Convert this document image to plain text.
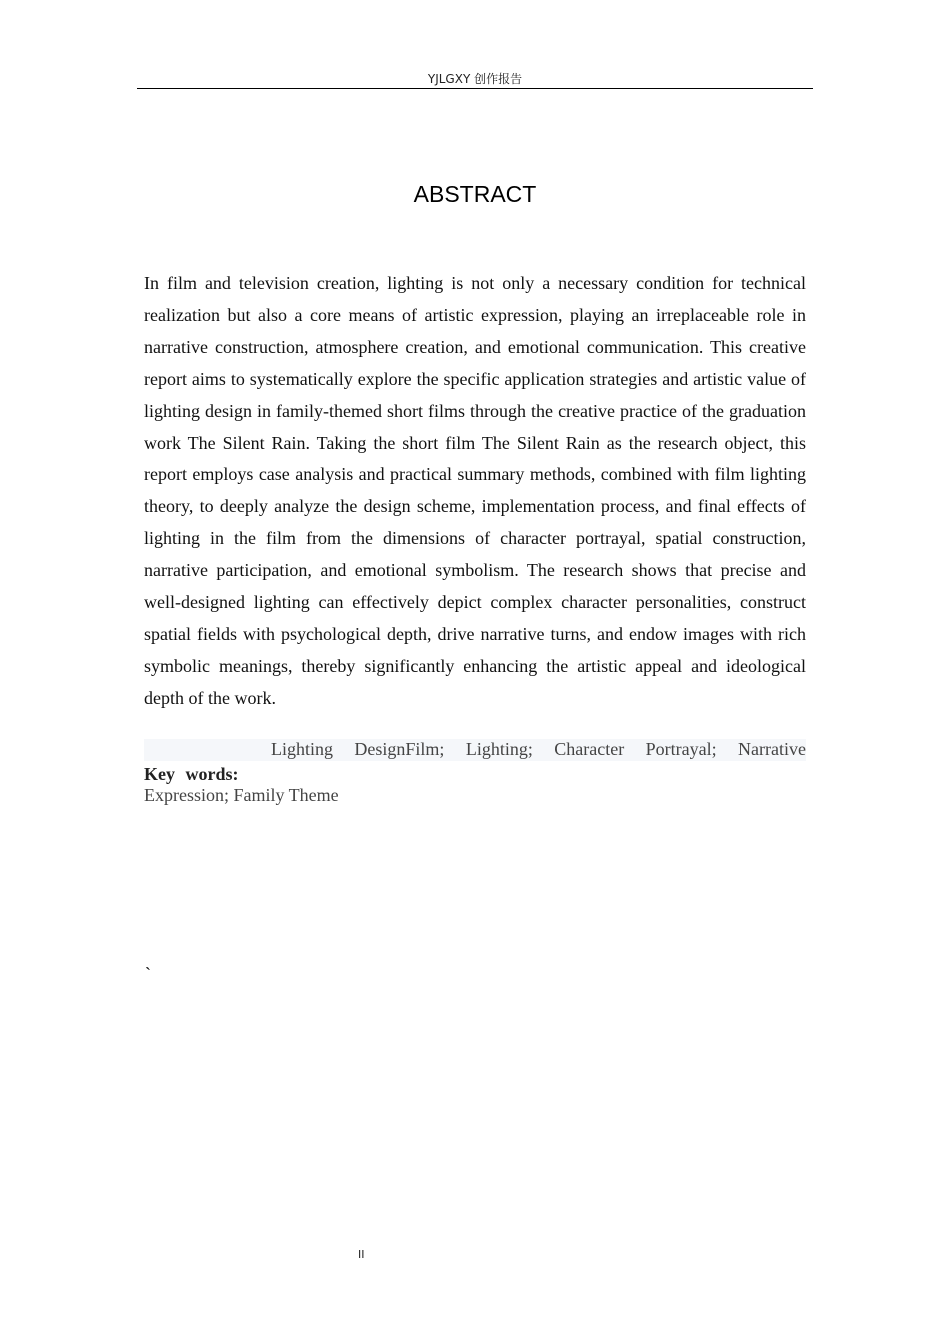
YJLGXY 创作报告
ABSTRACT

In film and television creation, lighting is not only a necessary condition for technical realization but also a core means of artistic expression, playing an irreplaceable role in narrative construction, atmosphere creation, and emotional communication. This creative report aims to systematically explore the specific application strategies and artistic value of lighting design in family-themed short films through the creative practice of the graduation work The Silent Rain. Taking the short film The Silent Rain as the research object, this report employs case analysis and practical summary methods, combined with film lighting theory, to deeply analyze the design scheme, implementation process, and final effects of lighting in the film from the dimensions of character portrayal, spatial construction, narrative participation, and emotional symbolism. The research shows that precise and well-designed lighting can effectively depict complex character personalities, construct spatial fields with psychological depth, drive narrative turns, and endow images with rich symbolic meanings, thereby significantly enhancing the artistic appeal and ideological depth of the work.

Lighting DesignFilm; Lighting; Character Portrayal; Narrative
Key words:
Expression; Family Theme
`
II
